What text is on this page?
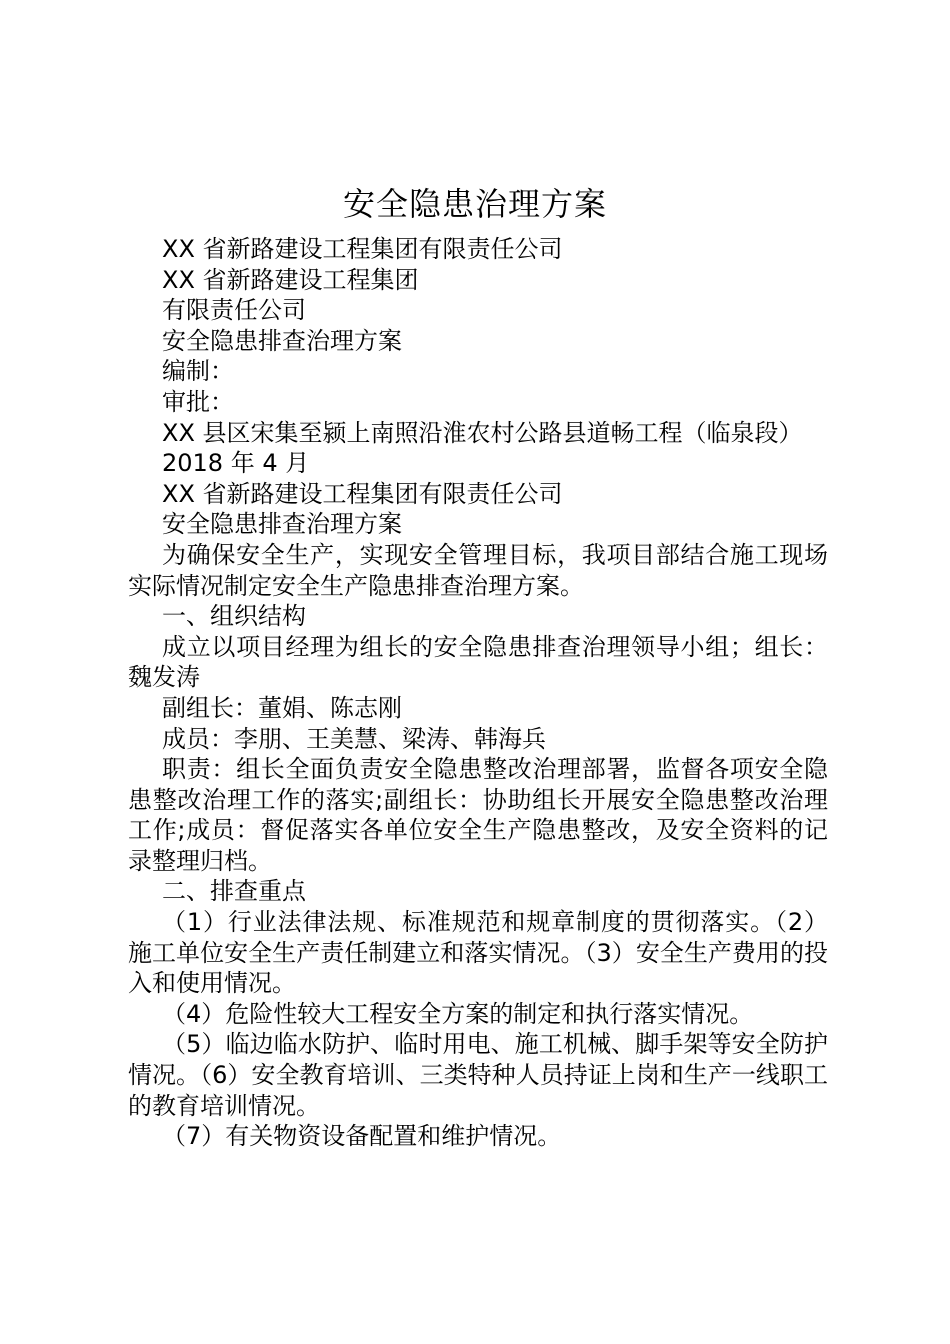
安全隐患治理方案

XX 省新路建设工程集团有限责任公司

XX 省新路建设工程集团

有限责任公司

安全隐患排查治理方案

编制：

审批：

XX 县区宋集至颍上南照沿淮农村公路县道畅工程（临泉段）

2018 年 4 月

XX 省新路建设工程集团有限责任公司

安全隐患排查治理方案

为确保安全生产，实现安全管理目标，我项目部结合施工现场实际情况制定安全生产隐患排查治理方案。

一、组织结构

成立以项目经理为组长的安全隐患排查治理领导小组；组长：魏发涛

副组长：董娟、陈志刚

成员：李朋、王美慧、梁涛、韩海兵

职责：组长全面负责安全隐患整改治理部署，监督各项安全隐患整改治理工作的落实;副组长：协助组长开展安全隐患整改治理工作;成员：督促落实各单位安全生产隐患整改，及安全资料的记录整理归档。

二、排查重点

（1）行业法律法规、标准规范和规章制度的贯彻落实。（2）施工单位安全生产责任制建立和落实情况。（3）安全生产费用的投入和使用情况。

（4）危险性较大工程安全方案的制定和执行落实情况。

（5）临边临水防护、临时用电、施工机械、脚手架等安全防护情况。（6）安全教育培训、三类特种人员持证上岗和生产一线职工的教育培训情况。

（7）有关物资设备配置和维护情况。
